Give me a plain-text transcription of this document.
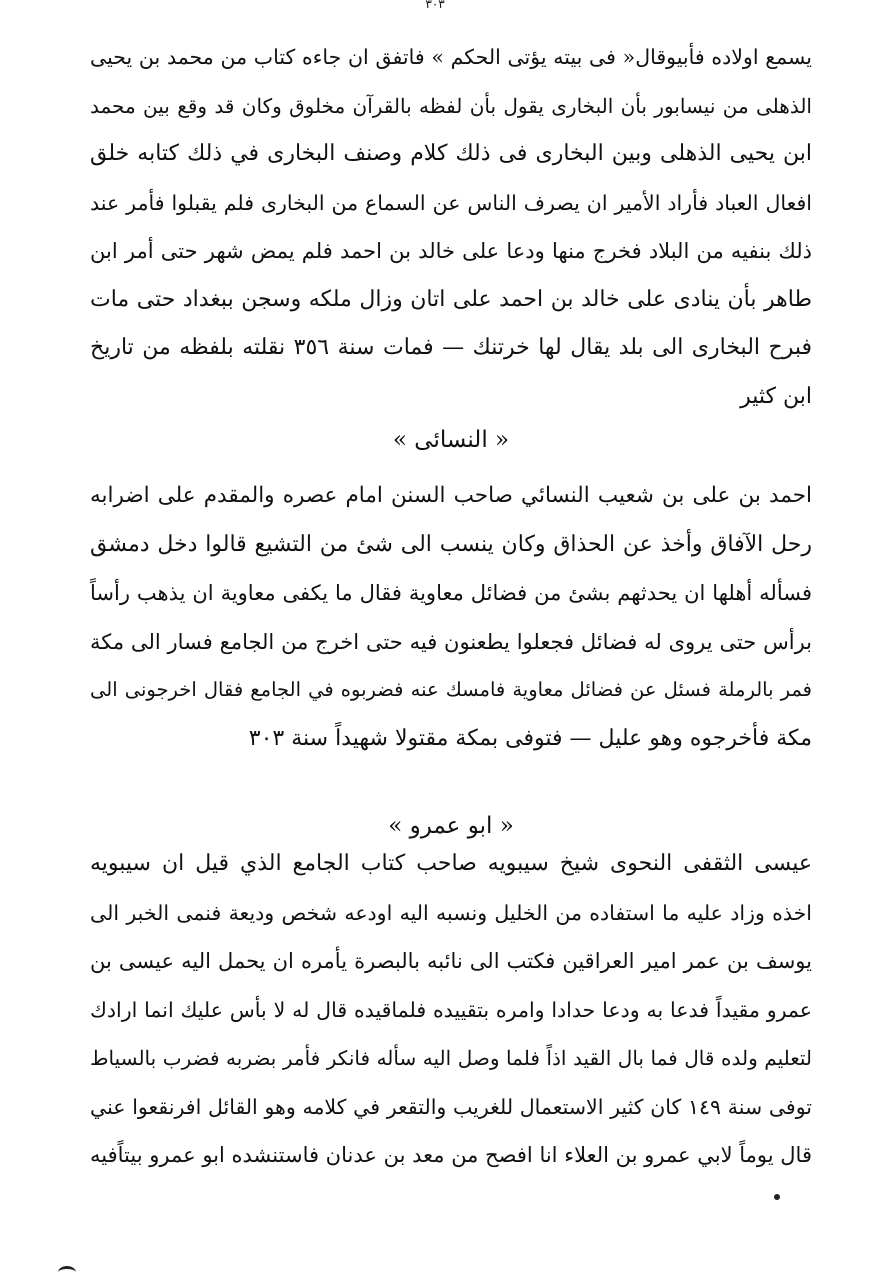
٣٠٣
يسمع اولاده فأبيوقال« فى بيته يؤتى الحكم » فاتفق ان جاءه كتاب من محمد بن يحيى
الذهلى من نيسابور بأن البخارى يقول بأن لفظه بالقرآن مخلوق وكان قد وقع بين محمد
ابن يحيى الذهلى وبين البخارى فى ذلك كلام وصنف البخارى في ذلك كتابه خلق
افعال العباد فأراد الأمير ان يصرف الناس عن السماع من البخارى فلم يقبلوا فأمر عند
ذلك بنفيه من البلاد فخرج منها ودعا على خالد بن احمد فلم يمض شهر حتى أمر ابن
طاهر بأن ينادى على خالد بن احمد على اتان وزال ملكه وسجن ببغداد حتى مات
فبرح البخارى الى بلد يقال لها خرتنك — فمات سنة ٣٥٦ نقلته بلفظه من تاريخ
ابن كثير
« النسائى »
احمد بن على بن شعيب النسائي صاحب السنن امام عصره والمقدم على اضرابه
رحل الآفاق وأخذ عن الحذاق وكان ينسب الى شئ من التشيع قالوا دخل دمشق
فسأله أهلها ان يحدثهم بشئ من فضائل معاوية فقال ما يكفى معاوية ان يذهب رأساً
برأس حتى يروى له فضائل فجعلوا يطعنون فيه حتى اخرج من الجامع فسار الى مكة
فمر بالرملة فسئل عن فضائل معاوية فامسك عنه فضربوه في الجامع فقال اخرجونى الى
مكة فأخرجوه وهو عليل — فتوفى بمكة مقتولا شهيداً سنة ٣٠٣
« ابو عمرو »
عيسى الثقفى النحوى شيخ سيبويه صاحب كتاب الجامع الذي قيل ان سيبويه
اخذه وزاد عليه ما استفاده من الخليل ونسبه اليه اودعه شخص وديعة فنمى الخبر الى
يوسف بن عمر امير العراقين فكتب الى نائبه بالبصرة يأمره ان يحمل اليه عيسى بن
عمرو مقيداً فدعا به ودعا حدادا وامره بتقييده فلماقيده قال له لا بأس عليك انما ارادك
لتعليم ولده قال فما بال القيد اذاً فلما وصل اليه سأله فانكر فأمر بضربه فضرب بالسياط
توفى سنة ١٤٩ كان كثير الاستعمال للغريب والتقعر في كلامه وهو القائل افرنقعوا عني
قال يوماً لابي عمرو بن العلاء انا افصح من معد بن عدنان فاستنشده ابو عمرو بيتاًفيه
